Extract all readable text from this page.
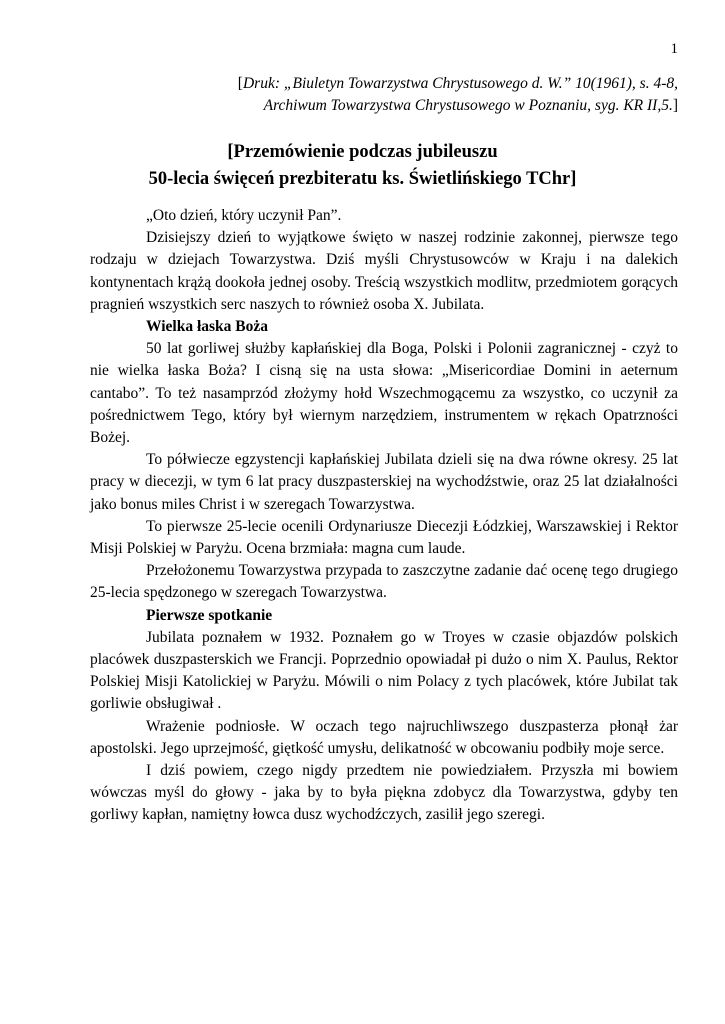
1
[Druk: „Biuletyn Towarzystwa Chrystusowego d. W.” 10(1961), s. 4-8,
Archiwum Towarzystwa Chrystusowego w Poznaniu, syg. KR II,5.]
[Przemówienie podczas jubileuszu
50-lecia święceń prezbiteratu ks. Świetlińskiego TChr]

„Oto dzień, który uczynił Pan”.

Dzisiejszy dzień to wyjątkowe święto w naszej rodzinie zakonnej, pierwsze tego rodzaju w dziejach Towarzystwa. Dziś myśli Chrystusowców w Kraju i na dalekich kontynentach krążą dookoła jednej osoby. Treścią wszystkich modlitw, przedmiotem gorących pragnień wszystkich serc naszych to również osoba X. Jubilata.

Wielka łaska Boża

50 lat gorliwej służby kapłańskiej dla Boga, Polski i Polonii zagranicznej - czyż to nie wielka łaska Boża? I cisną się na usta słowa: „Misericordiae Domini in aeternum cantabo”. To też nasamprzód złożymy hołd Wszechmogącemu za wszystko, co uczynił za pośrednictwem Tego, który był wiernym narzędziem, instrumentem w rękach Opatrzności Bożej.

To półwiecze egzystencji kapłańskiej Jubilata dzieli się na dwa równe okresy. 25 lat pracy w diecezji, w tym 6 lat pracy duszpasterskiej na wychodźstwie, oraz 25 lat działalności jako bonus miles Christ i w szeregach Towarzystwa.

To pierwsze 25-lecie ocenili Ordynariusze Diecezji Łódzkiej, Warszawskiej i Rektor Misji Polskiej w Paryżu. Ocena brzmiała: magna cum laude.

Przełożonemu Towarzystwa przypada to zaszczytne zadanie dać ocenę tego drugiego 25-lecia spędzonego w szeregach Towarzystwa.

Pierwsze spotkanie

Jubilata poznałem w 1932. Poznałem go w Troyes w czasie objazdów polskich placówek duszpasterskich we Francji. Poprzednio opowiadał pi dużo o nim X. Paulus, Rektor Polskiej Misji Katolickiej w Paryżu. Mówili o nim Polacy z tych placówek, które Jubilat tak gorliwie obsługiwał .

Wrażenie podniosłe. W oczach tego najruchliwszego duszpasterza płonął żar apostolski. Jego uprzejmość, giętkość umysłu, delikatność w obcowaniu podbiły moje serce.

I dziś powiem, czego nigdy przedtem nie powiedziałem. Przyszła mi bowiem wówczas myśl do głowy - jaka by to była piękna zdobycz dla Towarzystwa, gdyby ten gorliwy kapłan, namiętny łowca dusz wychodźczych, zasilił jego szeregi.
